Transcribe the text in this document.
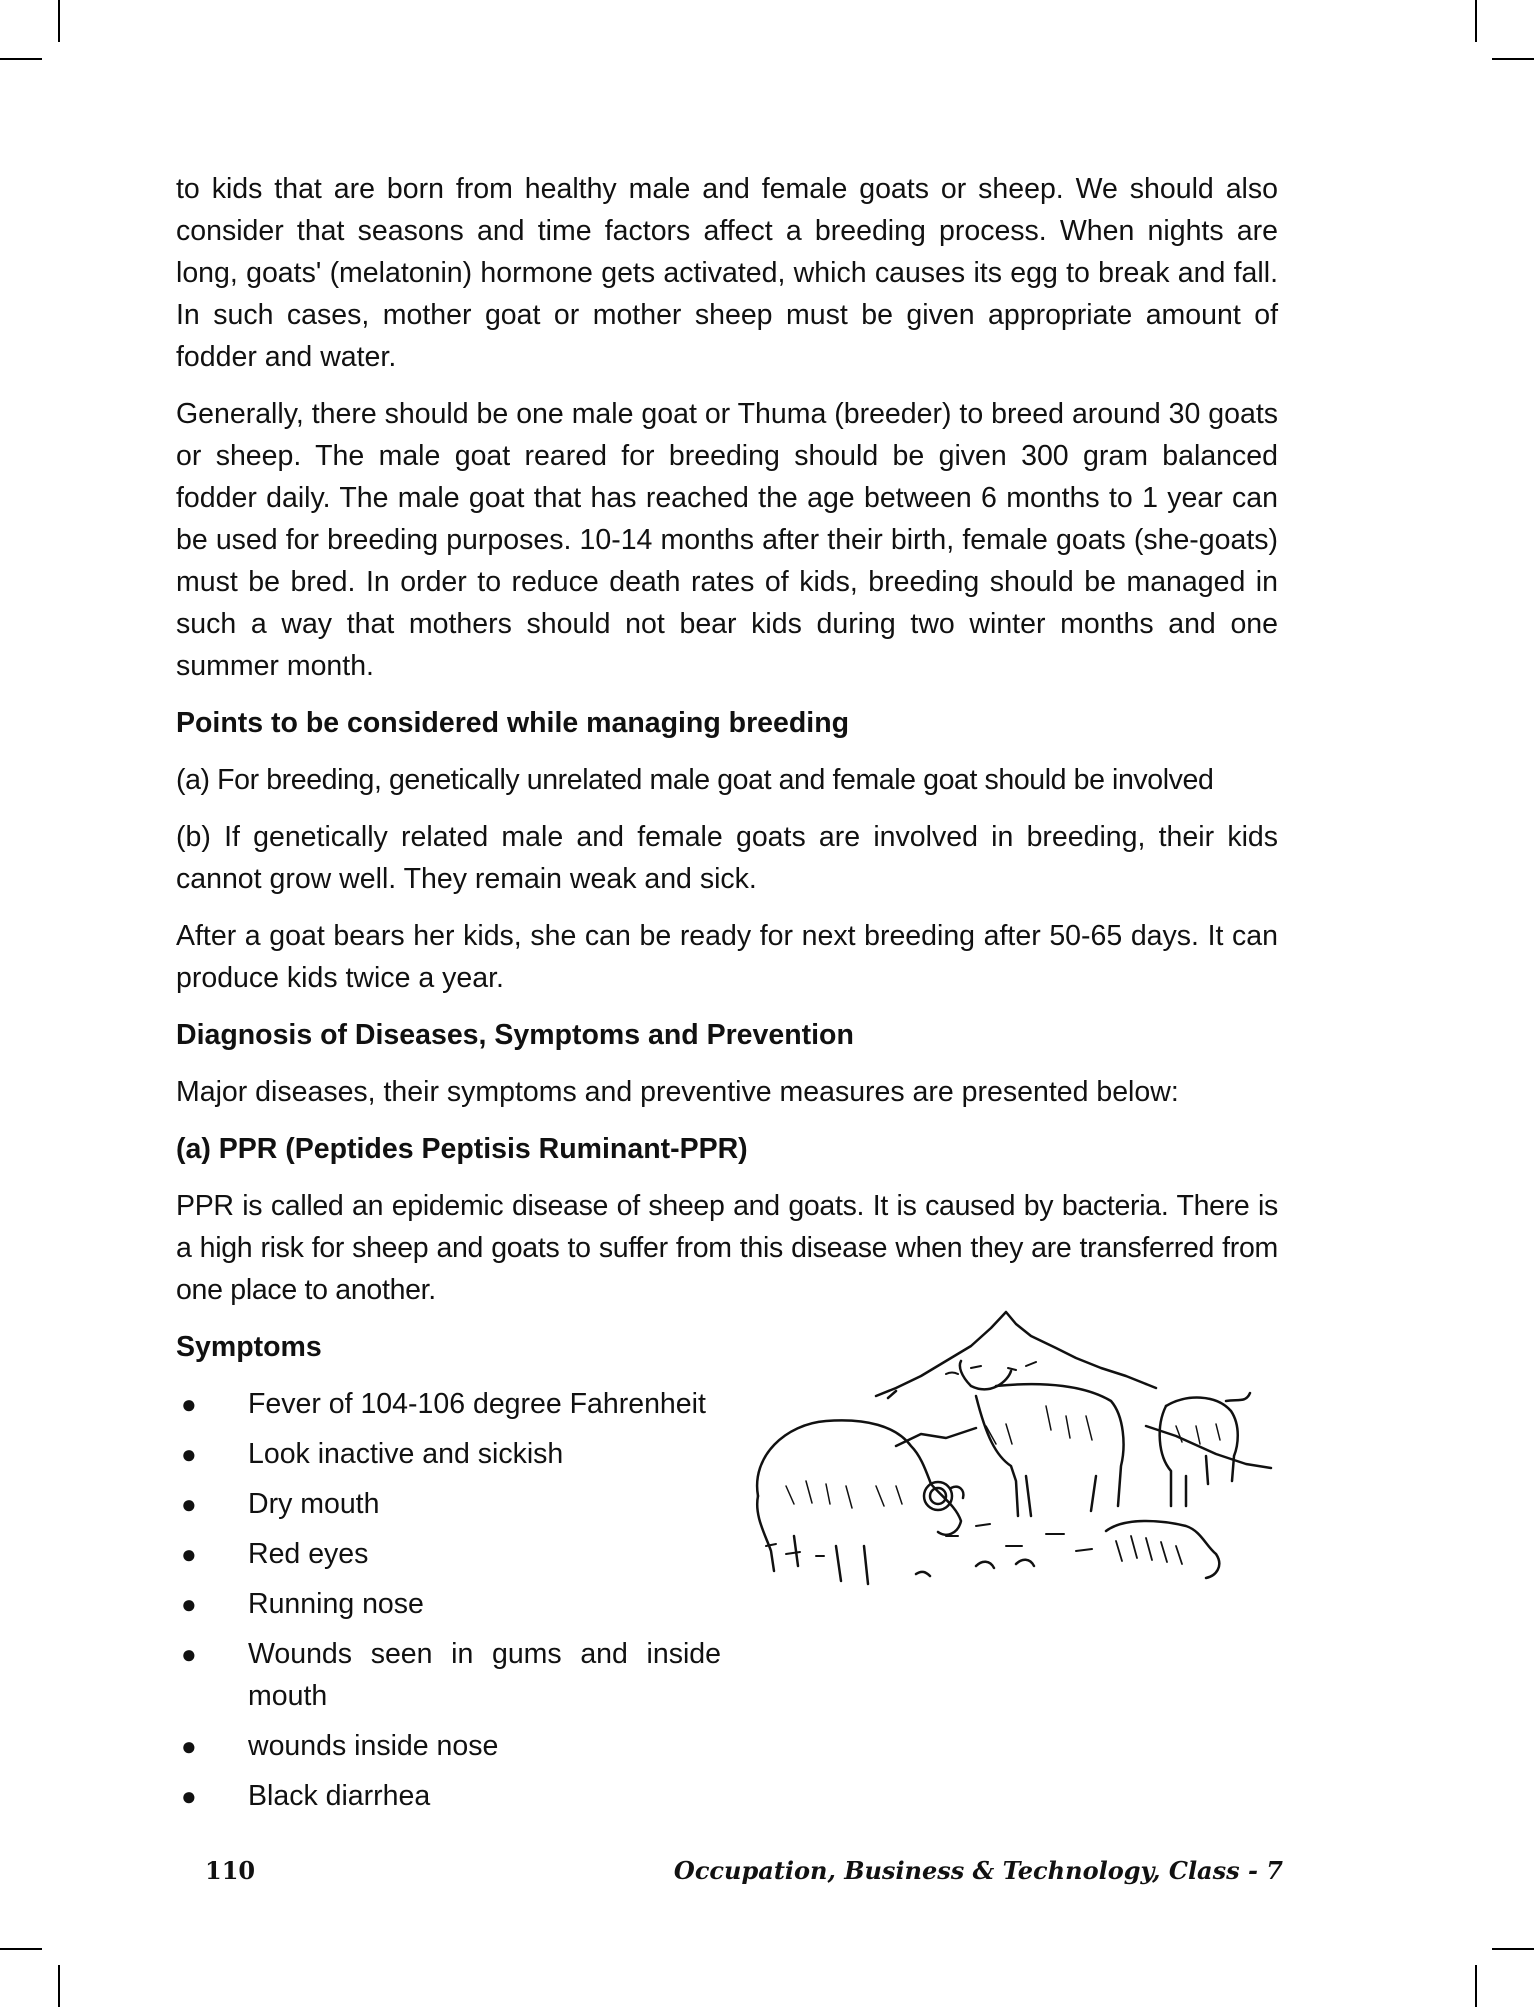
to kids that are born from healthy male and female goats or sheep. We should also consider that seasons and time factors affect a breeding process. When nights are long, goats' (melatonin) hormone gets activated, which causes its egg to break and fall. In such cases, mother goat or mother sheep must be given appropriate amount of fodder and water.

Generally, there should be one male goat or Thuma (breeder) to breed around 30 goats or sheep. The male goat reared for breeding should be given 300 gram balanced fodder daily. The male goat that has reached the age between 6 months to 1 year can be used for breeding purposes. 10-14 months after their birth, female goats (she-goats) must be bred. In order to reduce death rates of kids, breeding should be managed in such a way that mothers should not bear kids during two winter months and one summer month.

Points to be considered while managing breeding

(a) For breeding, genetically unrelated male goat and female goat should be involved

(b) If genetically related male and female goats are involved in breeding, their kids cannot grow well. They remain weak and sick.

After a goat bears her kids, she can be ready for next breeding after 50-65 days. It can produce kids twice a year.

Diagnosis of Diseases, Symptoms and Prevention

Major diseases, their symptoms and preventive measures are presented below:

(a) PPR (Peptides Peptisis Ruminant-PPR)

PPR is called an epidemic disease of sheep and goats. It is caused by bacteria. There is a high risk for sheep and goats to suffer from this disease when they are transferred from one place to another.

Symptoms
● Fever of 104-106 degree Fahrenheit
● Look inactive and sickish
● Dry mouth
● Red eyes
● Running nose
● Wounds seen in gums and inside mouth
● wounds inside nose
● Black diarrhea
110	Occupation, Business & Technology, Class - 7
